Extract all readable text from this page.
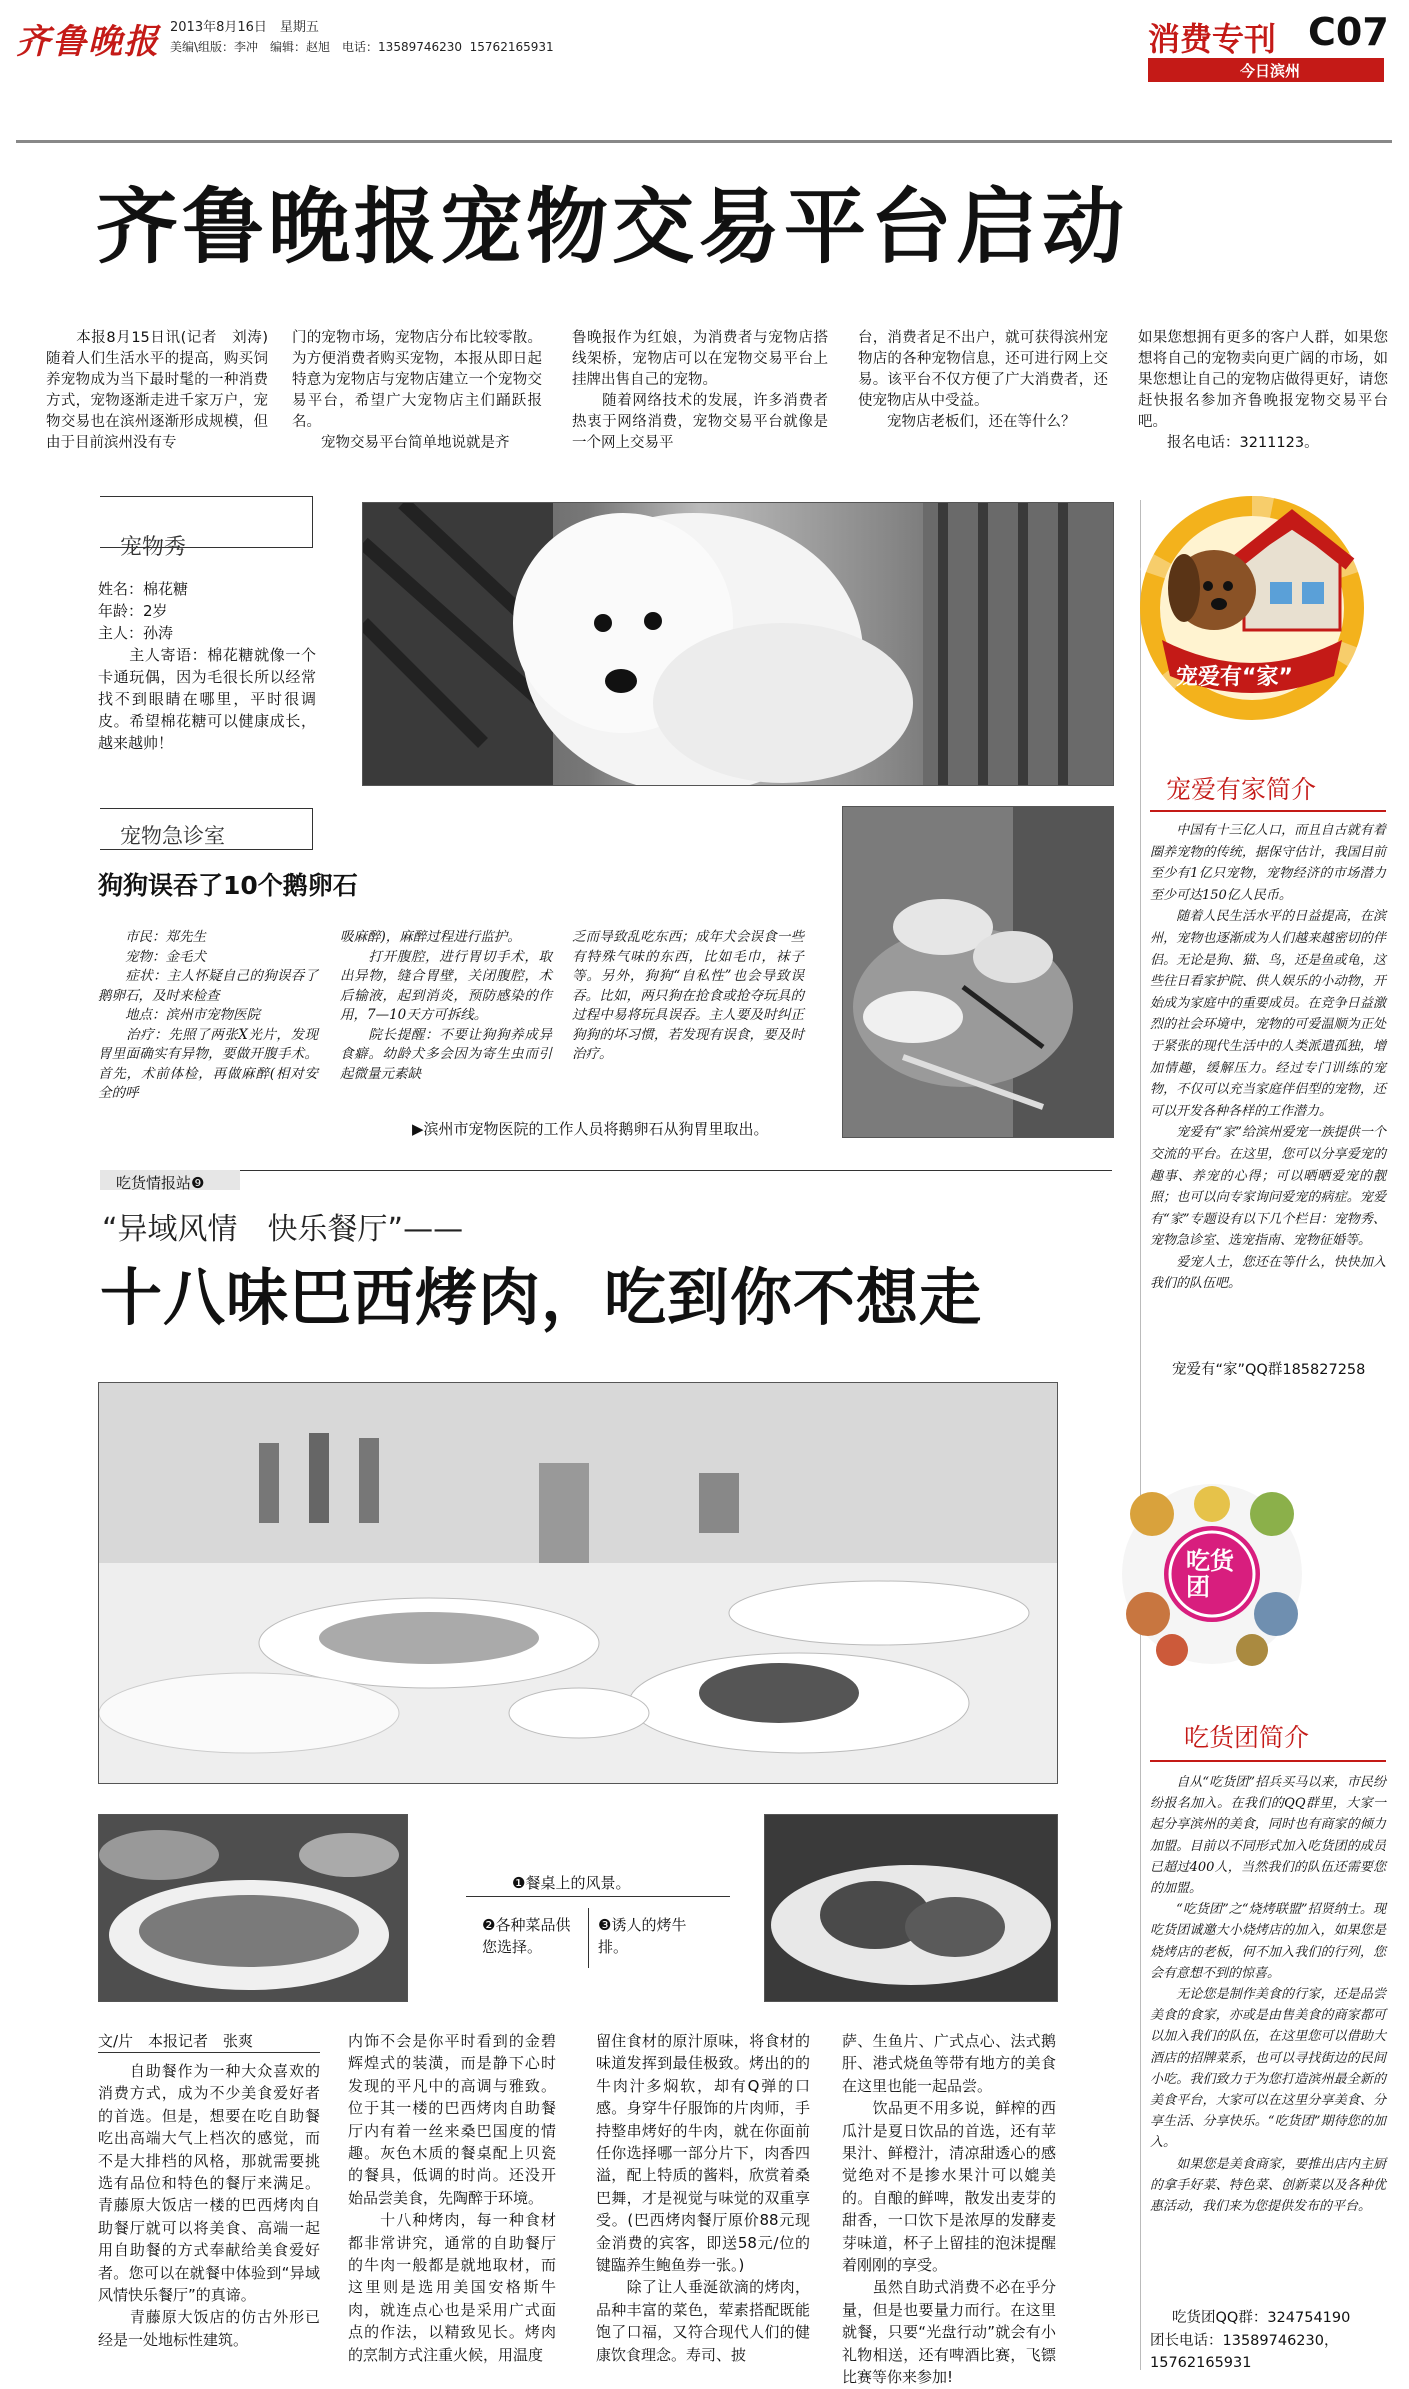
齐鲁晚报 2013年8月16日　星期五
美编\组版：李冲　编辑：赵旭　电话：13589746230  15762165931	消费专刊 C07
今日滨州
齐鲁晚报宠物交易平台启动
　　本报8月15日讯(记者　刘涛)　随着人们生活水平的提高，购买饲养宠物成为当下最时髦的一种消费方式，宠物逐渐走进千家万户，宠物交易也在滨州逐渐形成规模，但由于目前滨州没有专
门的宠物市场，宠物店分布比较零散。为方便消费者购买宠物，本报从即日起特意为宠物店与宠物店建立一个宠物交易平台，希望广大宠物店主们踊跃报名。
　　宠物交易平台简单地说就是齐
鲁晚报作为红娘，为消费者与宠物店搭线架桥，宠物店可以在宠物交易平台上挂牌出售自己的宠物。
　　随着网络技术的发展，许多消费者热衷于网络消费，宠物交易平台就像是一个网上交易平
台，消费者足不出户，就可获得滨州宠物店的各种宠物信息，还可进行网上交易。该平台不仅方便了广大消费者，还使宠物店从中受益。
　　宠物店老板们，还在等什么？
如果您想拥有更多的客户人群，如果您想将自己的宠物卖向更广阔的市场，如果您想让自己的宠物店做得更好，请您赶快报名参加齐鲁晚报宠物交易平台吧。
　　报名电话：3211123。
宠物秀
姓名：棉花糖
年龄：2岁
主人：孙涛
　　主人寄语：棉花糖就像一个卡通玩偶，因为毛很长所以经常找不到眼睛在哪里，平时很调皮。希望棉花糖可以健康成长，越来越帅！
宠物急诊室
狗狗误吞了10个鹅卵石
　　市民：郑先生
　　宠物：金毛犬
　　症状：主人怀疑自己的狗误吞了鹅卵石，及时来检查
　　地点：滨州市宠物医院
　　治疗：先照了两张X光片，发现胃里面确实有异物，要做开腹手术。首先，术前体检，再做麻醉(相对安全的呼
吸麻醉)，麻醉过程进行监护。
　　打开腹腔，进行胃切手术，取出异物，缝合胃壁，关闭腹腔，术后输液，起到消炎，预防感染的作用，7—10天方可拆线。
　　院长提醒：不要让狗狗养成异食癖。幼龄犬多会因为寄生虫而引起微量元素缺
乏而导致乱吃东西；成年犬会误食一些有特殊气味的东西，比如毛巾，袜子等。另外，狗狗“自私性”也会导致误吞。比如，两只狗在抢食或抢夺玩具的过程中易将玩具误吞。主人要及时纠正狗狗的坏习惯，若发现有误食，要及时治疗。
▶滨州市宠物医院的工作人员将鹅卵石从狗胃里取出。
吃货情报站❾
“异域风情　快乐餐厅”——
十八味巴西烤肉，吃到你不想走
❶餐桌上的风景。
❷各种菜品供您选择。
❸诱人的烤牛排。
文/片　本报记者　张爽
　　自助餐作为一种大众喜欢的消费方式，成为不少美食爱好者的首选。但是，想要在吃自助餐吃出高端大气上档次的感觉，而不是大排档的风格，那就需要挑选有品位和特色的餐厅来满足。青藤原大饭店一楼的巴西烤肉自助餐厅就可以将美食、高端一起用自助餐的方式奉献给美食爱好者。您可以在就餐中体验到“异域风情快乐餐厅”的真谛。
　　青藤原大饭店的仿古外形已经是一处地标性建筑。
内饰不会是你平时看到的金碧辉煌式的装潢，而是静下心时发现的平凡中的高调与雅致。位于其一楼的巴西烤肉自助餐厅内有着一丝来桑巴国度的情趣。灰色木质的餐桌配上贝瓷的餐具，低调的时尚。还没开始品尝美食，先陶醉于环境。
　　十八种烤肉，每一种食材都非常讲究，通常的自助餐厅的牛肉一般都是就地取材，而这里则是选用美国安格斯牛肉，就连点心也是采用广式面点的作法，以精致见长。烤肉的烹制方式注重火候，用温度
留住食材的原汁原味，将食材的味道发挥到最佳极致。烤出的的牛肉汁多焖软，却有Q弹的口感。身穿牛仔服饰的片肉师，手持整串烤好的牛肉，就在你面前任你选择哪一部分片下，肉香四溢，配上特质的酱料，欣赏着桑巴舞，才是视觉与味觉的双重享受。(巴西烤肉餐厅原价88元现金消费的宾客，即送58元/位的键臨养生鲍鱼券一张。)
　　除了让人垂涎欲滴的烤肉，品种丰富的菜色，荤素搭配既能饱了口福，又符合现代人们的健康饮食理念。寿司、披
萨、生鱼片、广式点心、法式鹅肝、港式烧鱼等带有地方的美食在这里也能一起品尝。
　　饮品更不用多说，鲜榨的西瓜汁是夏日饮品的首选，还有苹果汁、鲜橙汁，清凉甜透心的感觉绝对不是掺水果汁可以媲美的。自酿的鲜啤，散发出麦芽的甜香，一口饮下是浓厚的发酵麦芽味道，杯子上留挂的泡沫提醒着刚刚的享受。
　　虽然自助式消费不必在乎分量，但是也要量力而行。在这里就餐，只要“光盘行动”就会有小礼物相送，还有啤酒比赛，飞镖比赛等你来参加!
宠爱有“家”
宠爱有家简介
　　中国有十三亿人口，而且自古就有着圈养宠物的传统，据保守估计，我国目前至少有1亿只宠物，宠物经济的市场潜力至少可达150亿人民币。
　　随着人民生活水平的日益提高，在滨州，宠物也逐渐成为人们越来越密切的伴侣。无论是狗、猫、鸟，还是鱼或龟，这些往日看家护院、供人娱乐的小动物，开始成为家庭中的重要成员。在竞争日益激烈的社会环境中，宠物的可爱温顺为正处于紧张的现代生活中的人类派遣孤独，增加情趣，缓解压力。经过专门训练的宠物，不仅可以充当家庭伴侣型的宠物，还可以开发各种各样的工作潜力。
　　宠爱有“家”给滨州爱宠一族提供一个交流的平台。在这里，您可以分享爱宠的趣事、养宠的心得；可以晒晒爱宠的靓照；也可以向专家询问爱宠的病症。宠爱有“家”专题设有以下几个栏目：宠物秀、宠物急诊室、选宠指南、宠物征婚等。
　　爱宠人士，您还在等什么，快快加入我们的队伍吧。
宠爱有“家”QQ群185827258
吃货团
吃货团简介
　　自从“吃货团”招兵买马以来，市民纷纷报名加入。在我们的QQ群里，大家一起分享滨州的美食，同时也有商家的倾力加盟。目前以不同形式加入吃货团的成员已超过400人，当然我们的队伍还需要您的加盟。
　　“吃货团”之“烧烤联盟”招贤纳士。现吃货团诚邀大小烧烤店的加入，如果您是烧烤店的老板，何不加入我们的行列，您会有意想不到的惊喜。
　　无论您是制作美食的行家，还是品尝美食的食家，亦或是由售美食的商家都可以加入我们的队伍，在这里您可以借助大酒店的招牌菜系，也可以寻找街边的民间小吃。我们致力于为您打造滨州最全新的美食平台，大家可以在这里分享美食、分享生活、分享快乐。“吃货团”期待您的加入。
　　如果您是美食商家，要推出店内主厨的拿手好菜、特色菜、创新菜以及各种优惠活动，我们来为您提供发布的平台。
吃货团QQ群：324754190
团长电话：13589746230，15762165931
